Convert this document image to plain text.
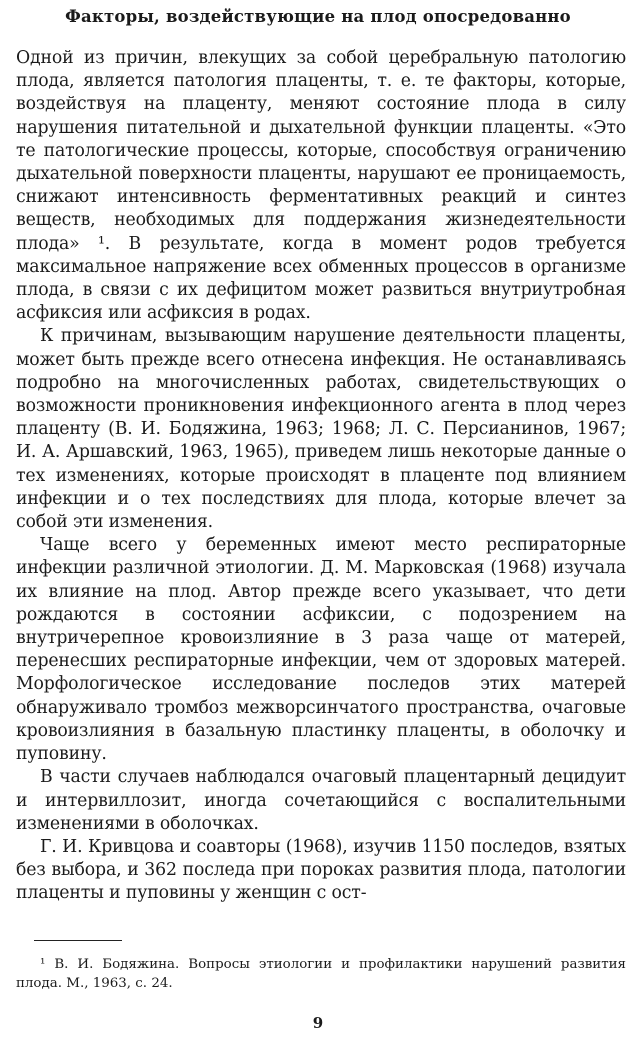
Факторы, воздействующие на плод опосредованно

Одной из причин, влекущих за собой церебральную патологию плода, является патология плаценты, т. е. те факторы, которые, воздействуя на плаценту, меняют состояние плода в силу нарушения питательной и дыхательной функции плаценты. «Это те патологические процессы, которые, способствуя ограничению дыхательной поверхности плаценты, нарушают ее проницаемость, снижают интенсивность ферментативных реакций и синтез веществ, необходимых для поддержания жизнедеятельности плода» ¹. В результате, когда в момент родов требуется максимальное напряжение всех обменных процессов в организме плода, в связи с их дефицитом может развиться внутриутробная асфиксия или асфиксия в родах.

К причинам, вызывающим нарушение деятельности плаценты, может быть прежде всего отнесена инфекция. Не останавливаясь подробно на многочисленных работах, свидетельствующих о возможности проникновения инфекционного агента в плод через плаценту (В. И. Бодяжина, 1963; 1968; Л. С. Персианинов, 1967; И. А. Аршавский, 1963, 1965), приведем лишь некоторые данные о тех изменениях, которые происходят в плаценте под влиянием инфекции и о тех последствиях для плода, которые влечет за собой эти изменения.

Чаще всего у беременных имеют место респираторные инфекции различной этиологии. Д. М. Марковская (1968) изучала их влияние на плод. Автор прежде всего указывает, что дети рождаются в состоянии асфиксии, с подозрением на внутричерепное кровоизлияние в 3 раза чаще от матерей, перенесших респираторные инфекции, чем от здоровых матерей. Морфологическое исследование последов этих матерей обнаруживало тромбоз межворсинчатого пространства, очаговые кровоизлияния в базальную пластинку плаценты, в оболочку и пуповину.

В части случаев наблюдался очаговый плацентарный децидуит и интервиллозит, иногда сочетающийся с воспалительными изменениями в оболочках.

Г. И. Кривцова и соавторы (1968), изучив 1150 последов, взятых без выбора, и 362 последа при пороках развития плода, патологии плаценты и пуповины у женщин с ост-

¹ В. И. Бодяжина. Вопросы этиологии и профилактики нарушений развития плода. М., 1963, с. 24.

9
